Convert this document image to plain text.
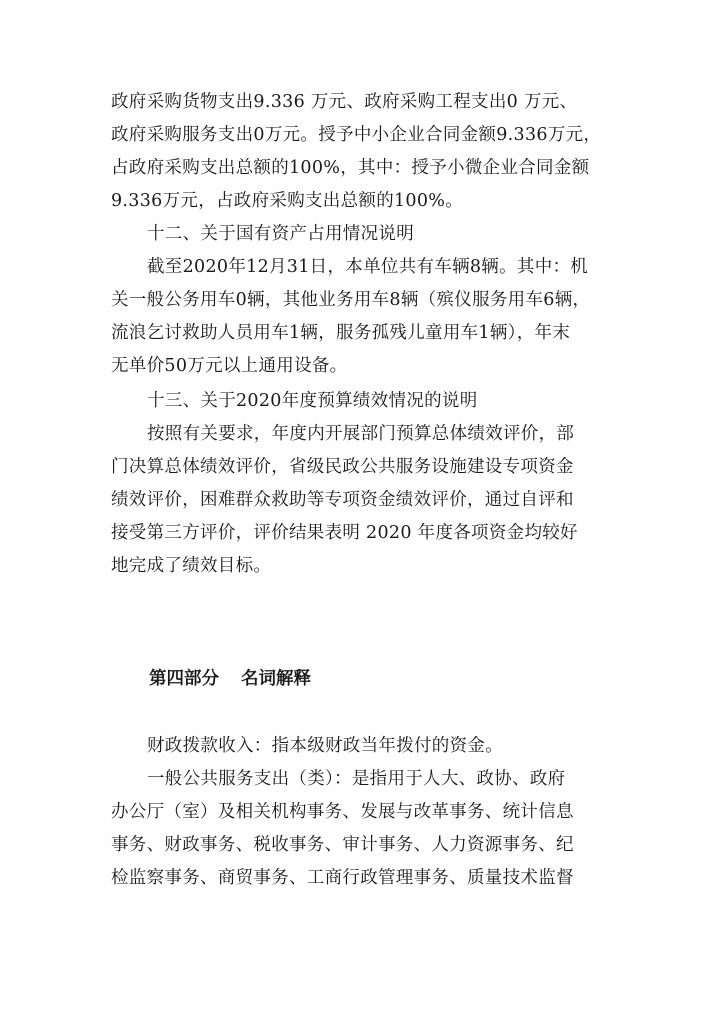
政府采购货物支出9.336 万元、政府采购工程支出0 万元、
政府采购服务支出0万元。授予中小企业合同金额9.336万元，
占政府采购支出总额的100%，其中：授予小微企业合同金额
9.336万元，占政府采购支出总额的100%。
十二、关于国有资产占用情况说明
截至2020年12月31日，本单位共有车辆8辆。其中：机
关一般公务用车0辆，其他业务用车8辆（殡仪服务用车6辆，
流浪乞讨救助人员用车1辆，服务孤残儿童用车1辆），年末
无单价50万元以上通用设备。
十三、关于2020年度预算绩效情况的说明
按照有关要求，年度内开展部门预算总体绩效评价，部
门决算总体绩效评价，省级民政公共服务设施建设专项资金
绩效评价，困难群众救助等专项资金绩效评价，通过自评和
接受第三方评价，评价结果表明 2020 年度各项资金均较好
地完成了绩效目标。
第四部分 名词解释
财政拨款收入：指本级财政当年拨付的资金。
一般公共服务支出（类）：是指用于人大、政协、政府
办公厅（室）及相关机构事务、发展与改革事务、统计信息
事务、财政事务、税收事务、审计事务、人力资源事务、纪
检监察事务、商贸事务、工商行政管理事务、质量技术监督
